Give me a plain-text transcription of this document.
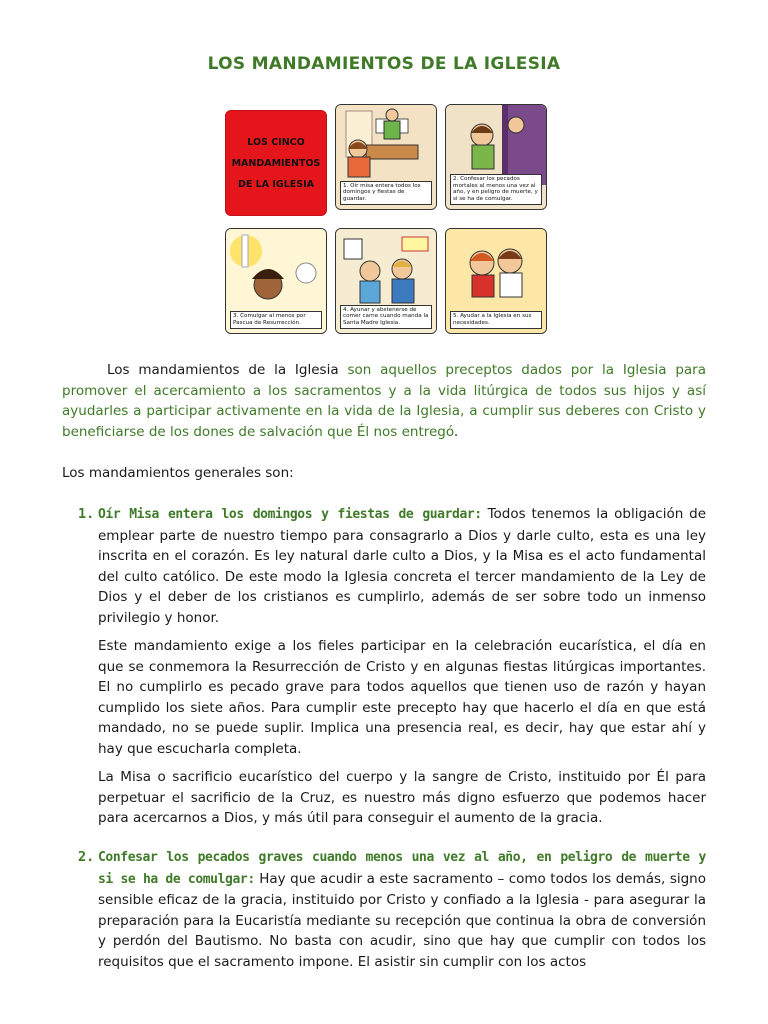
LOS MANDAMIENTOS DE LA IGLESIA
LOS CINCO
MANDAMIENTOS
DE LA IGLESIA	1. Oír misa entera todos los domingos y fiestas de guardar.
2. Confesar los pecados mortales al menos una vez al año, y en peligro de muerte, y si se ha de comulgar.
3. Comulgar al menos por Pascua de Resurrección.
4. Ayunar y abstenerse de comer carne cuando manda la Santa Madre Iglesia.
5. Ayudar a la Iglesia en sus necesidades.
Los mandamientos de la Iglesia son aquellos preceptos dados por la Iglesia para promover el acercamiento a los sacramentos y a la vida litúrgica de todos sus hijos y así ayudarles a participar activamente en la vida de la Iglesia, a cumplir sus deberes con Cristo y beneficiarse de los dones de salvación que Él nos entregó.
Los mandamientos generales son:
1. Oír Misa entera los domingos y fiestas de guardar: Todos tenemos la obligación de emplear parte de nuestro tiempo para consagrarlo a Dios y darle culto, esta es una ley inscrita en el corazón. Es ley natural darle culto a Dios, y la Misa es el acto fundamental del culto católico. De este modo la Iglesia concreta el tercer mandamiento de la Ley de Dios y el deber de los cristianos es cumplirlo, además de ser sobre todo un inmenso privilegio y honor.
Este mandamiento exige a los fieles participar en la celebración eucarística, el día en que se conmemora la Resurrección de Cristo y en algunas fiestas litúrgicas importantes. El no cumplirlo es pecado grave para todos aquellos que tienen uso de razón y hayan cumplido los siete años. Para cumplir este precepto hay que hacerlo el día en que está mandado, no se puede suplir. Implica una presencia real, es decir, hay que estar ahí y hay que escucharla completa.
La Misa o sacrificio eucarístico del cuerpo y la sangre de Cristo, instituido por Él para perpetuar el sacrificio de la Cruz, es nuestro más digno esfuerzo que podemos hacer para acercarnos a Dios, y más útil para conseguir el aumento de la gracia.
2. Confesar los pecados graves cuando menos una vez al año, en peligro de muerte y si se ha de comulgar: Hay que acudir a este sacramento – como todos los demás, signo sensible eficaz de la gracia, instituido por Cristo y confiado a la Iglesia - para asegurar la preparación para la Eucaristía mediante su recepción que continua la obra de conversión y perdón del Bautismo. No basta con acudir, sino que hay que cumplir con todos los requisitos que el sacramento impone. El asistir sin cumplir con los actos
